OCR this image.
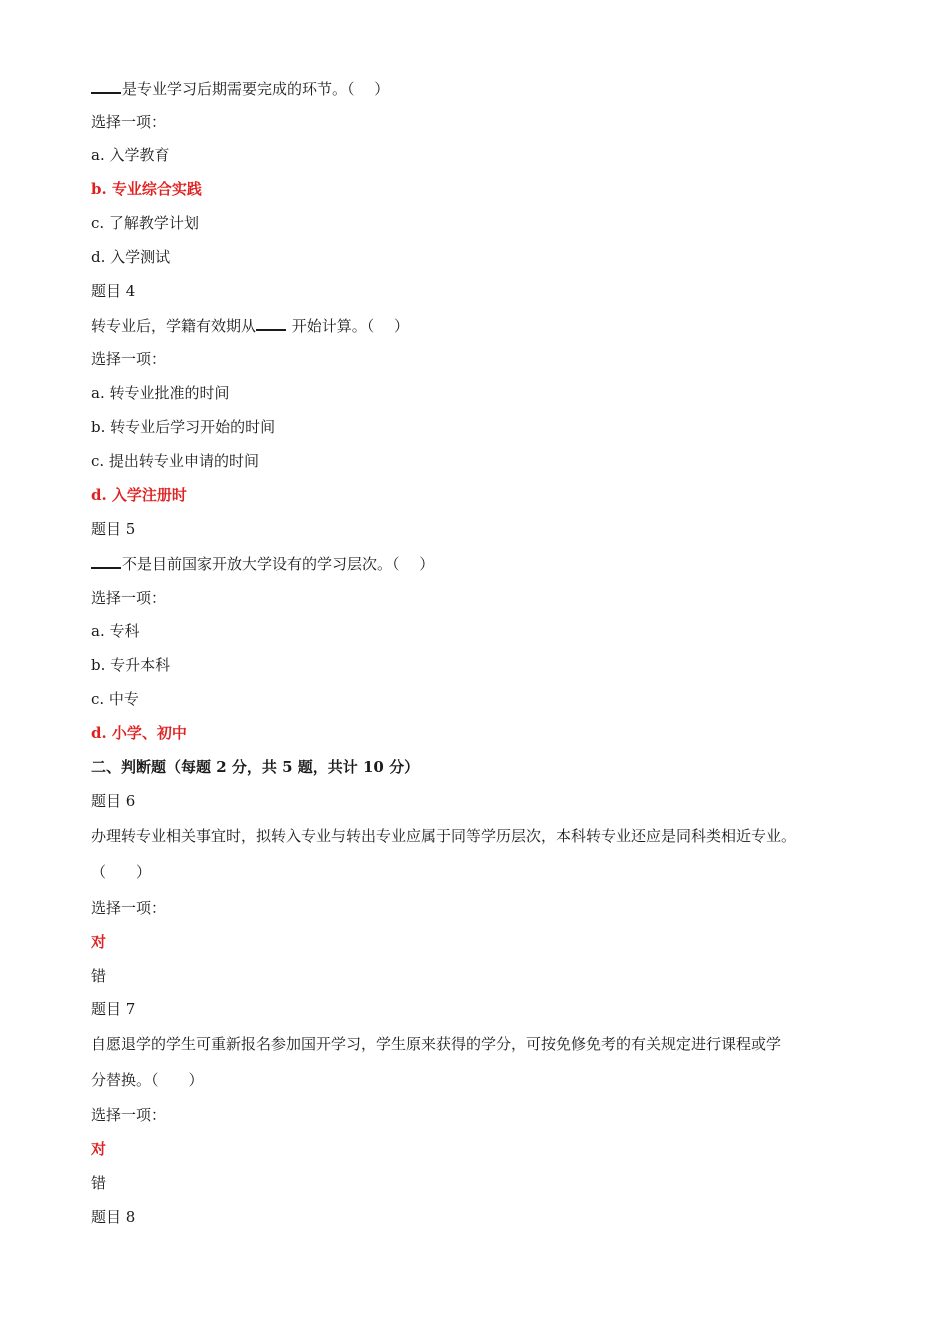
是专业学习后期需要完成的环节。（　 ）
选择一项：
a. 入学教育
b. 专业综合实践
c. 了解教学计划
d. 入学测试
题目 4
转专业后，学籍有效期从 开始计算。（　 ）
选择一项：
a. 转专业批准的时间
b. 转专业后学习开始的时间
c. 提出转专业申请的时间
d. 入学注册时
题目 5
不是目前国家开放大学设有的学习层次。（　 ）
选择一项：
a. 专科
b. 专升本科
c. 中专
d. 小学、初中
二、判断题（每题 2 分，共 5 题，共计 10 分）
题目 6
办理转专业相关事宜时，拟转入专业与转出专业应属于同等学历层次，本科转专业还应是同科类相近专业。
（　　）
选择一项：
对
错
题目 7
自愿退学的学生可重新报名参加国开学习，学生原来获得的学分，可按免修免考的有关规定进行课程或学
分替换。（　　）
选择一项：
对
错
题目 8
